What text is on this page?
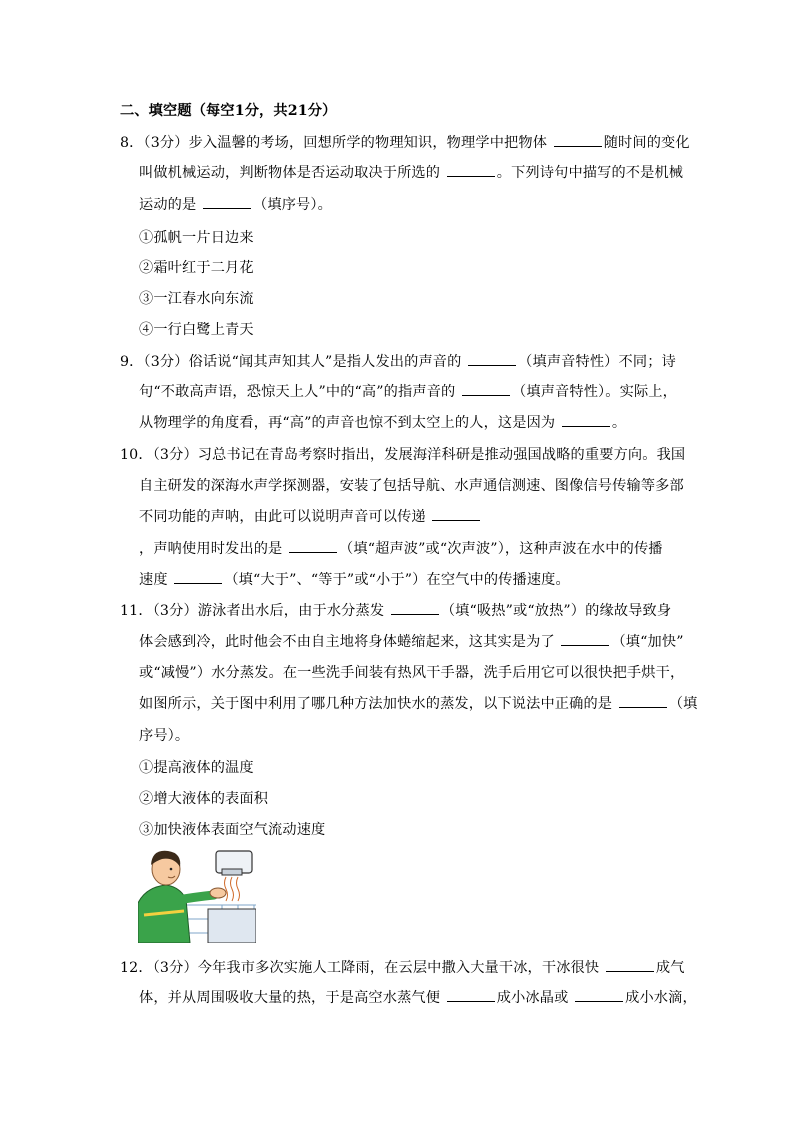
二、填空题（每空1分，共21分）
8．（3分）步入温馨的考场，回想所学的物理知识，物理学中把物体	随时间的变化
叫做机械运动，判断物体是否运动取决于所选的	。下列诗句中描写的不是机械
运动的是	（填序号）。
①孤帆一片日边来
②霜叶红于二月花
③一江春水向东流
④一行白鹭上青天
9．（3分）俗话说“闻其声知其人”是指人发出的声音的	（填声音特性）不同；诗
句“不敢高声语，恐惊天上人”中的“高”的指声音的	（填声音特性）。实际上，
从物理学的角度看，再“高”的声音也惊不到太空上的人，这是因为	。
10．（3分）习总书记在青岛考察时指出，发展海洋科研是推动强国战略的重要方向。我国
自主研发的深海水声学探测器，安装了包括导航、水声通信测速、图像信号传输等多部
不同功能的声呐，由此可以说明声音可以传递
，声呐使用时发出的是	（填“超声波”或“次声波”），这种声波在水中的传播
速度	（填“大于”、“等于”或“小于”）在空气中的传播速度。
11．（3分）游泳者出水后，由于水分蒸发	（填“吸热”或“放热”）的缘故导致身
体会感到冷，此时他会不由自主地将身体蜷缩起来，这其实是为了	（填“加快”
或“减慢”）水分蒸发。在一些洗手间装有热风干手器，洗手后用它可以很快把手烘干，
如图所示，关于图中利用了哪几种方法加快水的蒸发，以下说法中正确的是	（填
序号）。
①提高液体的温度
②增大液体的表面积
③加快液体表面空气流动速度
12．（3分）今年我市多次实施人工降雨，在云层中撒入大量干冰，干冰很快	成气
体，并从周围吸收大量的热，于是高空水蒸气便	成小冰晶或	成小水滴，
